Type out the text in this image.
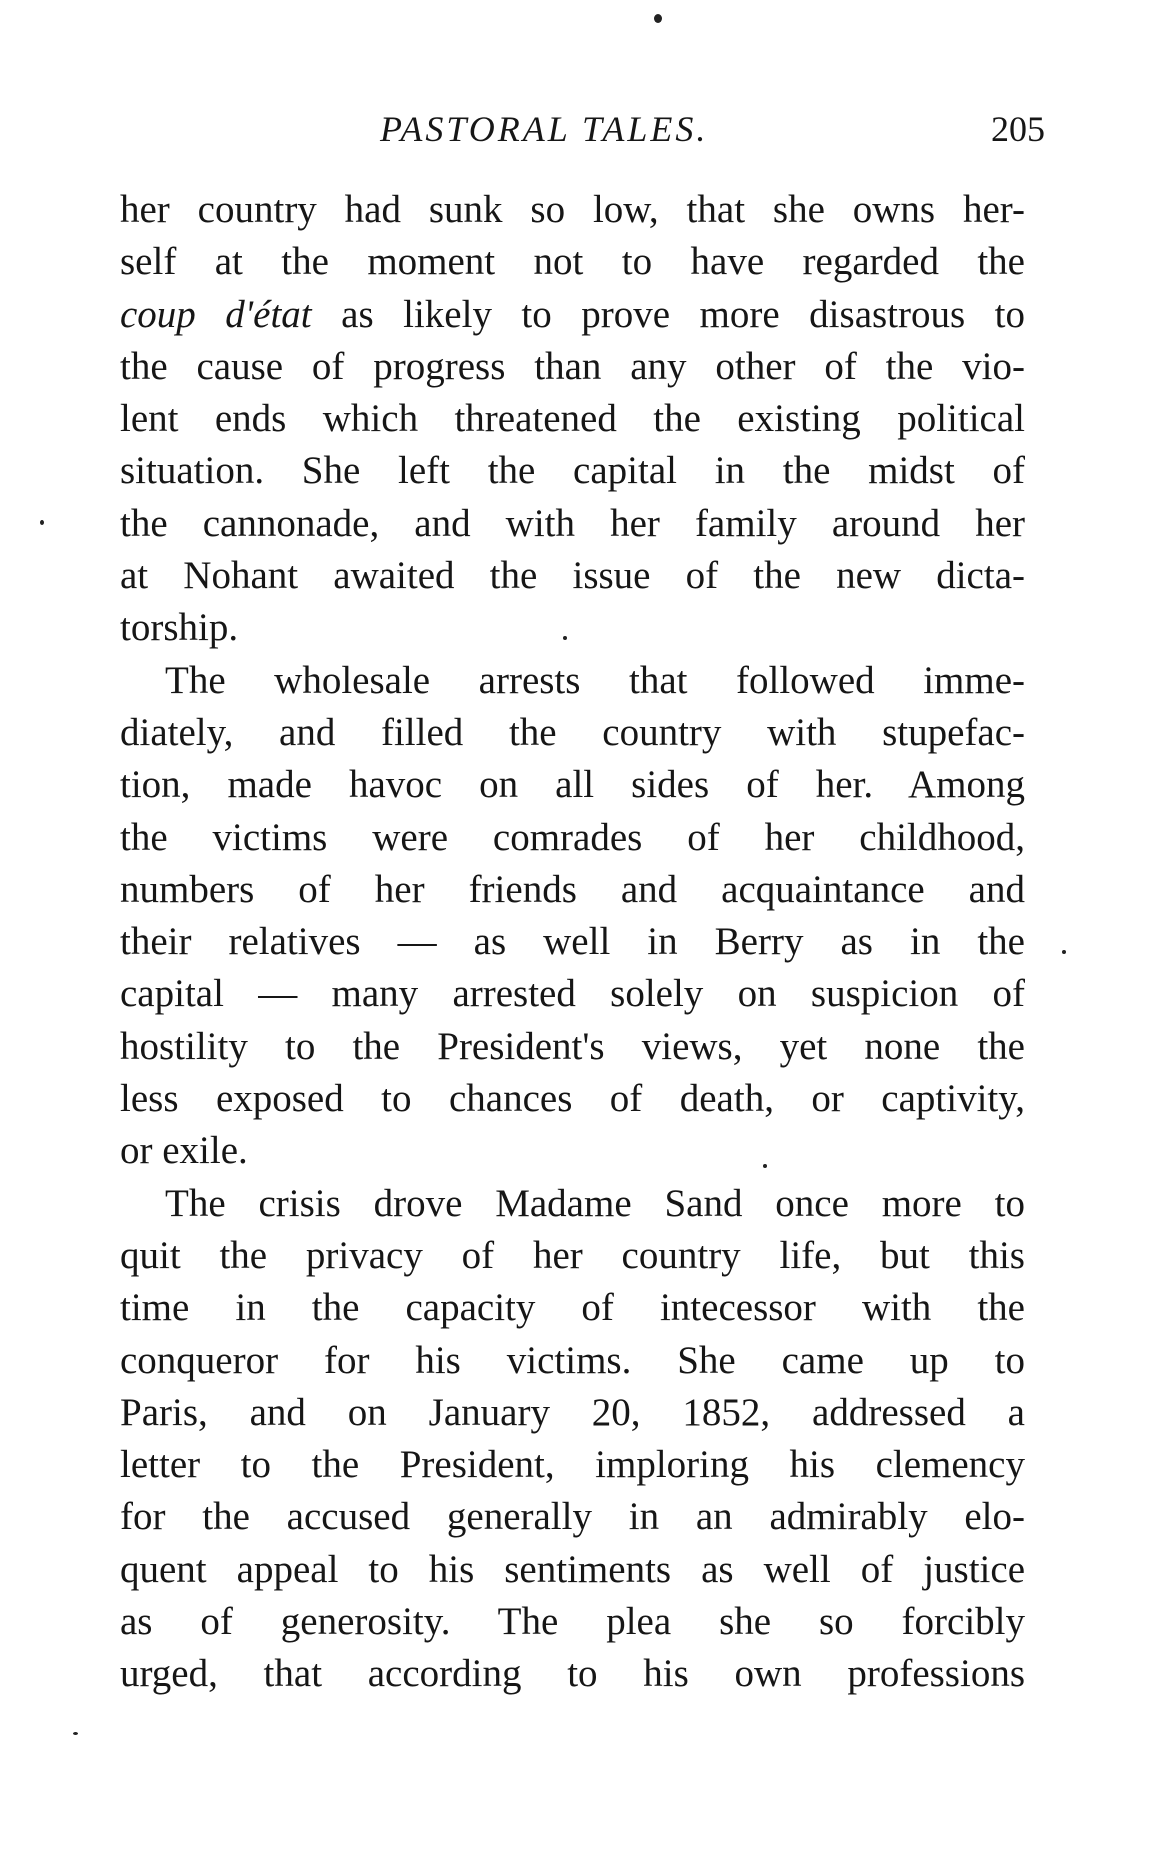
PASTORAL TALES.	205
her country had sunk so low, that she owns her-
self at the moment not to have regarded the
coup d'état as likely to prove more disastrous to
the cause of progress than any other of the vio-
lent ends which threatened the existing political
situation. She left the capital in the midst of
the cannonade, and with her family around her
at Nohant awaited the issue of the new dicta-
torship.
The wholesale arrests that followed imme-
diately, and filled the country with stupefac-
tion, made havoc on all sides of her. Among
the victims were comrades of her childhood,
numbers of her friends and acquaintance and
their relatives — as well in Berry as in the
capital — many arrested solely on suspicion of
hostility to the President's views, yet none the
less exposed to chances of death, or captivity,
or exile.
The crisis drove Madame Sand once more to
quit the privacy of her country life, but this
time in the capacity of intecessor with the
conqueror for his victims. She came up to
Paris, and on January 20, 1852, addressed a
letter to the President, imploring his clemency
for the accused generally in an admirably elo-
quent appeal to his sentiments as well of justice
as of generosity. The plea she so forcibly
urged, that according to his own professions
